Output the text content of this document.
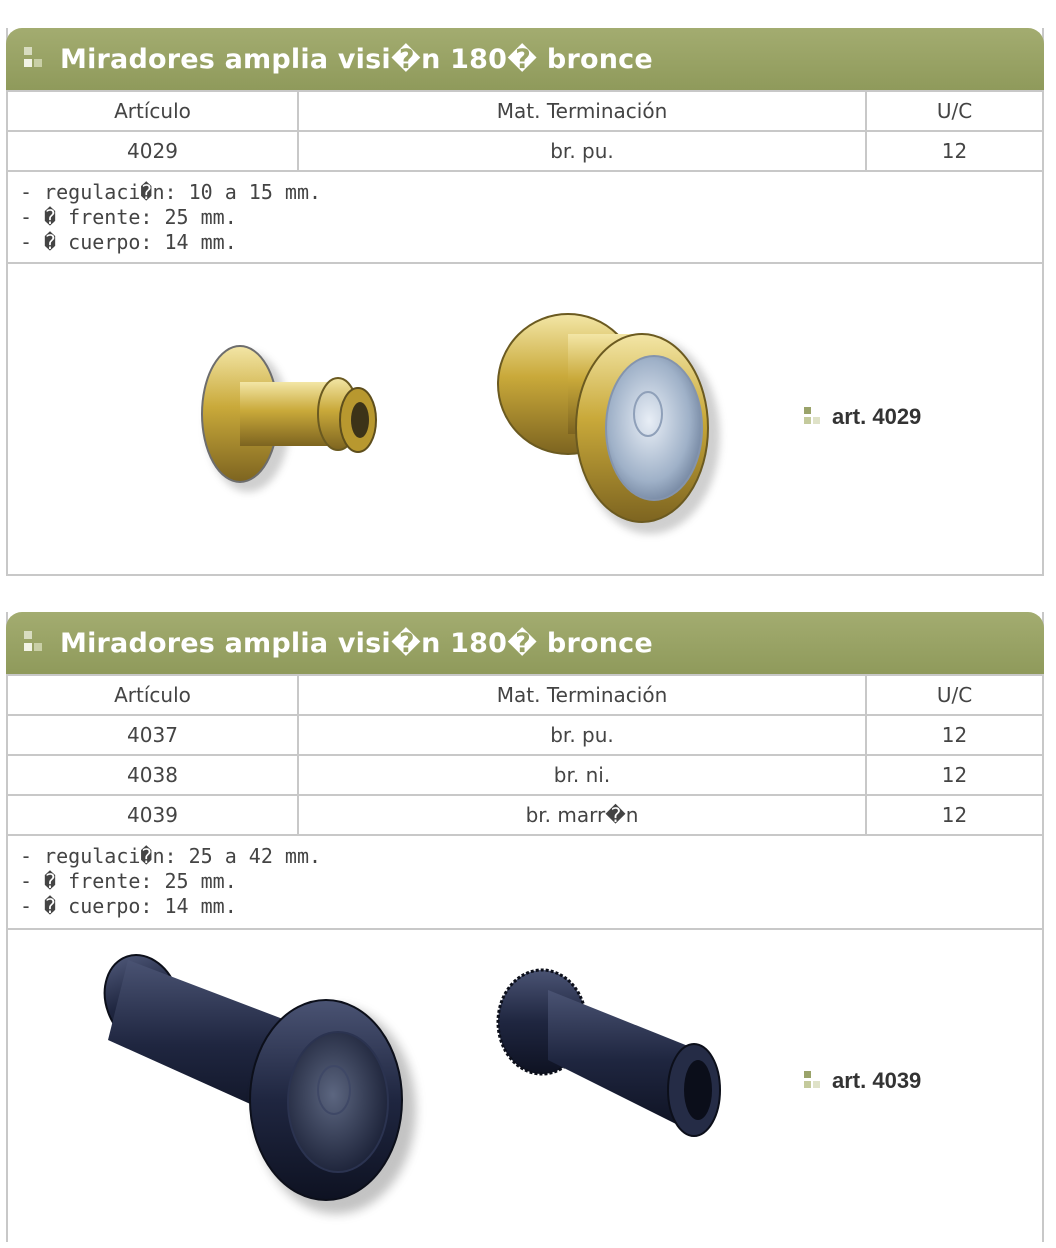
Miradores amplia visi�n 180� bronce
Artículo	Mat. Terminación	U/C
4029	br. pu.	12
- regulaci�n: 10 a 15 mm.
- � frente: 25 mm.
- � cuerpo: 14 mm.
art. 4029
Miradores amplia visi�n 180� bronce
Artículo	Mat. Terminación	U/C
4037	br. pu.	12
4038	br. ni.	12
4039	br. marr�n	12
- regulaci�n: 25 a 42 mm.
- � frente: 25 mm.
- � cuerpo: 14 mm.
art. 4039
